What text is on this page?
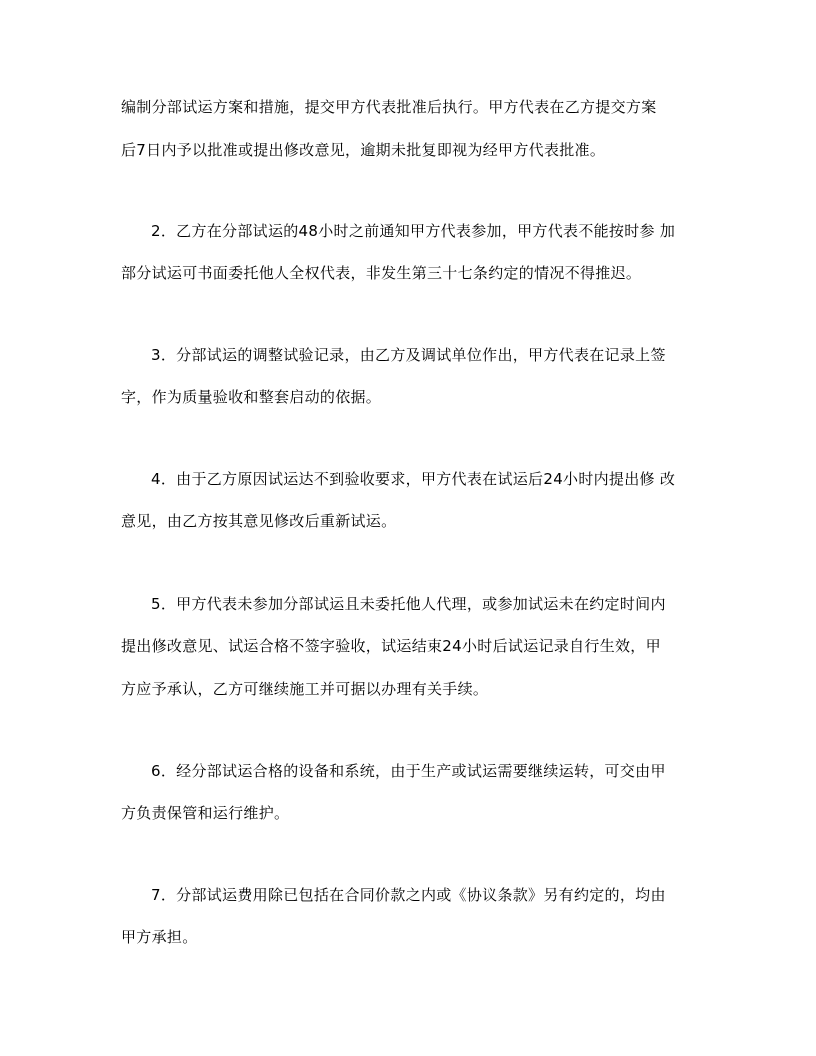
编制分部试运方案和措施，提交甲方代表批准后执行。甲方代表在乙方提交方案
后7日内予以批准或提出修改意见，逾期未批复即视为经甲方代表批准。
2．乙方在分部试运的48小时之前通知甲方代表参加，甲方代表不能按时参 加
部分试运可书面委托他人全权代表，非发生第三十七条约定的情况不得推迟。
3．分部试运的调整试验记录，由乙方及调试单位作出，甲方代表在记录上签
字，作为质量验收和整套启动的依据。
4．由于乙方原因试运达不到验收要求，甲方代表在试运后24小时内提出修 改
意见，由乙方按其意见修改后重新试运。
5．甲方代表未参加分部试运且未委托他人代理，或参加试运未在约定时间内
提出修改意见、试运合格不签字验收，试运结束24小时后试运记录自行生效，甲
方应予承认，乙方可继续施工并可据以办理有关手续。
6．经分部试运合格的设备和系统，由于生产或试运需要继续运转，可交由甲
方负责保管和运行维护。
7．分部试运费用除已包括在合同价款之内或《协议条款》另有约定的，均由
甲方承担。
